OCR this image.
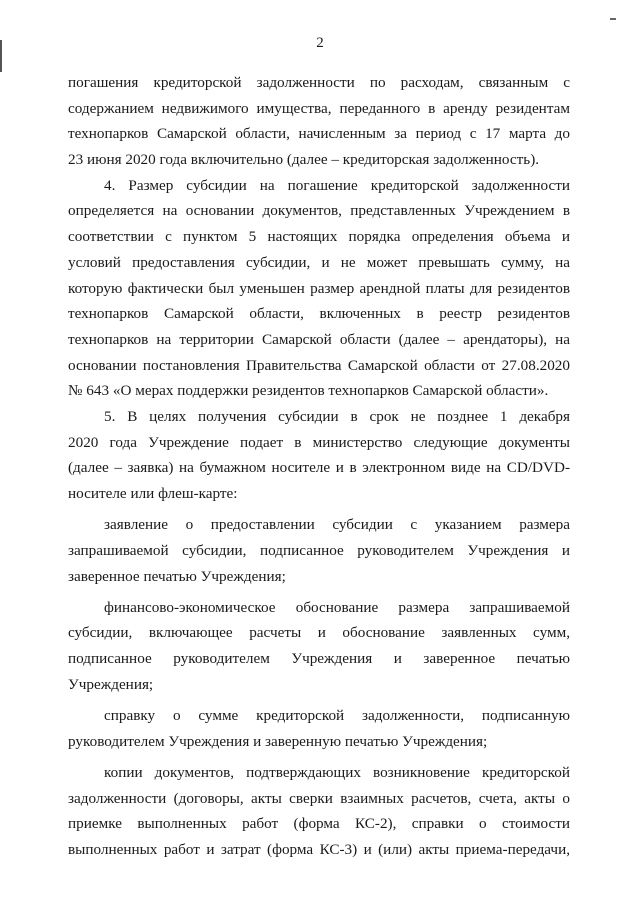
2
погашения кредиторской задолженности по расходам, связанным с
содержанием недвижимого имущества, переданного в аренду резидентам
технопарков Самарской области, начисленным за период с 17 марта до
23 июня 2020 года включительно (далее – кредиторская задолженность).
4. Размер субсидии на погашение кредиторской задолженности
определяется на основании документов, представленных Учреждением в
соответствии с пунктом 5 настоящих порядка определения объема и
условий предоставления субсидии, и не может превышать сумму, на
которую фактически был уменьшен размер арендной платы для резидентов
технопарков Самарской области, включенных в реестр резидентов
технопарков на территории Самарской области (далее – арендаторы), на
основании постановления Правительства Самарской области от 27.08.2020
№ 643 «О мерах поддержки резидентов технопарков Самарской области».
5. В целях получения субсидии в срок не позднее 1 декабря
2020 года Учреждение подает в министерство следующие документы
(далее – заявка) на бумажном носителе и в электронном виде на CD/DVD-
носителе или флеш-карте:
заявление о предоставлении субсидии с указанием размера
запрашиваемой субсидии, подписанное руководителем Учреждения и
заверенное печатью Учреждения;
финансово-экономическое обоснование размера запрашиваемой
субсидии, включающее расчеты и обоснование заявленных сумм,
подписанное руководителем Учреждения и заверенное печатью
Учреждения;
справку о сумме кредиторской задолженности, подписанную
руководителем Учреждения и заверенную печатью Учреждения;
копии документов, подтверждающих возникновение кредиторской
задолженности (договоры, акты сверки взаимных расчетов, счета, акты о
приемке выполненных работ (форма КС-2), справки о стоимости
выполненных работ и затрат (форма КС-3) и (или) акты приема-передачи,
